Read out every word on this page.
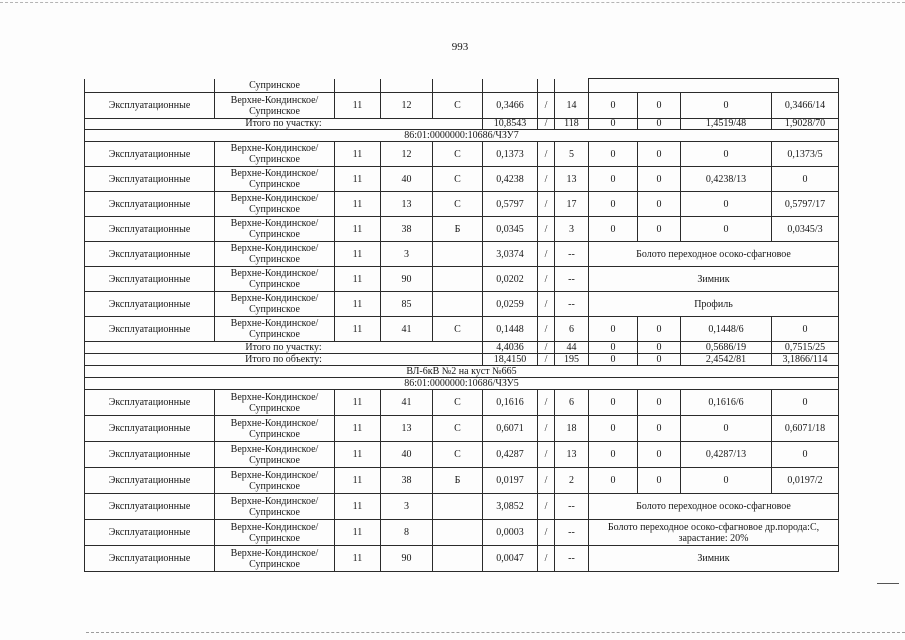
993
	Супринское										
Эксплуатационные	Верхне-Кондинское/ Супринское	11	12	С	0,3466	/	14	0	0	0	0,3466/14
Итого по участку:					10,8543	/	118	0	0	1,4519/48	1,9028/70
86:01:0000000:10686/ЧЗУ7											
Эксплуатационные	Верхне-Кондинское/ Супринское	11	12	С	0,1373	/	5	0	0	0	0,1373/5
Эксплуатационные	Верхне-Кондинское/ Супринское	11	40	С	0,4238	/	13	0	0	0,4238/13	0
Эксплуатационные	Верхне-Кондинское/ Супринское	11	13	С	0,5797	/	17	0	0	0	0,5797/17
Эксплуатационные	Верхне-Кондинское/ Супринское	11	38	Б	0,0345	/	3	0	0	0	0,0345/3
Эксплуатационные	Верхне-Кондинское/ Супринское	11	3		3,0374	/	--	Болото переходное осоко-сфагновое			
Эксплуатационные	Верхне-Кондинское/ Супринское	11	90		0,0202	/	--	Зимник			
Эксплуатационные	Верхне-Кондинское/ Супринское	11	85		0,0259	/	--	Профиль			
Эксплуатационные	Верхне-Кондинское/ Супринское	11	41	С	0,1448	/	6	0	0	0,1448/6	0
Итого по участку:					4,4036	/	44	0	0	0,5686/19	0,7515/25
Итого по объекту:					18,4150	/	195	0	0	2,4542/81	3,1866/114
ВЛ-6кВ №2 на куст №665											
86:01:0000000:10686/ЧЗУ5											
Эксплуатационные	Верхне-Кондинское/ Супринское	11	41	С	0,1616	/	6	0	0	0,1616/6	0
Эксплуатационные	Верхне-Кондинское/ Супринское	11	13	С	0,6071	/	18	0	0	0	0,6071/18
Эксплуатационные	Верхне-Кондинское/ Супринское	11	40	С	0,4287	/	13	0	0	0,4287/13	0
Эксплуатационные	Верхне-Кондинское/ Супринское	11	38	Б	0,0197	/	2	0	0	0	0,0197/2
Эксплуатационные	Верхне-Кондинское/ Супринское	11	3		3,0852	/	--	Болото переходное осоко-сфагновое			
Эксплуатационные	Верхне-Кондинское/ Супринское	11	8		0,0003	/	--	Болото переходное осоко-сфагновое др.порода:С, зарастание: 20%			
Эксплуатационные	Верхне-Кондинское/ Супринское	11	90		0,0047	/	--	Зимник			
